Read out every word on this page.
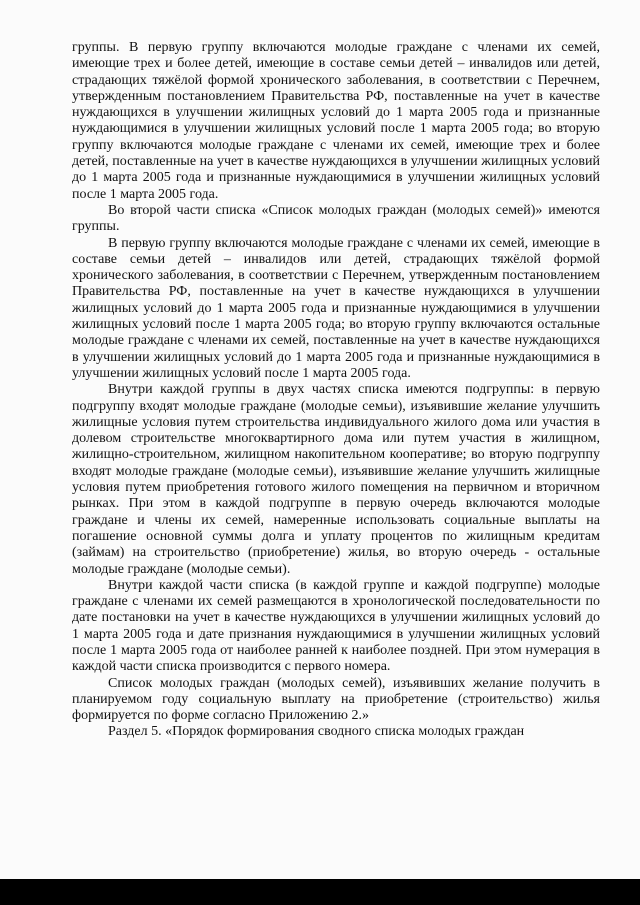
группы. В первую группу включаются молодые граждане с членами их семей, имеющие трех и более детей, имеющие в составе семьи детей – инвалидов или детей, страдающих тяжёлой формой хронического заболевания, в соответствии с Перечнем, утвержденным постановлением Правительства РФ, поставленные на учет в качестве нуждающихся в улучшении жилищных условий до 1 марта 2005 года и признанные нуждающимися в улучшении жилищных условий после 1 марта 2005 года; во вторую группу включаются молодые граждане с членами их семей, имеющие трех и более детей, поставленные на учет в качестве нуждающихся в улучшении жилищных условий до 1 марта 2005 года и признанные нуждающимися в улучшении жилищных условий после 1 марта 2005 года.

Во второй части списка «Список молодых граждан (молодых семей)» имеются группы.

В первую группу включаются молодые граждане с членами их семей, имеющие в составе семьи детей – инвалидов или детей, страдающих тяжёлой формой хронического заболевания, в соответствии с Перечнем, утвержденным постановлением Правительства РФ, поставленные на учет в качестве нуждающихся в улучшении жилищных условий до 1 марта 2005 года и признанные нуждающимися в улучшении жилищных условий после 1 марта 2005 года; во вторую группу включаются остальные молодые граждане с членами их семей, поставленные на учет в качестве нуждающихся в улучшении жилищных условий до 1 марта 2005 года и признанные нуждающимися в улучшении жилищных условий после 1 марта 2005 года.

Внутри каждой группы в двух частях списка имеются подгруппы: в первую подгруппу входят молодые граждане (молодые семьи), изъявившие желание улучшить жилищные условия путем строительства индивидуального жилого дома или участия в долевом строительстве многоквартирного дома или путем участия в жилищном, жилищно-строительном, жилищном накопительном кооперативе; во вторую подгруппу входят молодые граждане (молодые семьи), изъявившие желание улучшить жилищные условия путем приобретения готового жилого помещения на первичном и вторичном рынках. При этом в каждой подгруппе в первую очередь включаются молодые граждане и члены их семей, намеренные использовать социальные выплаты на погашение основной суммы долга и уплату процентов по жилищным кредитам (займам) на строительство (приобретение) жилья, во вторую очередь - остальные молодые граждане (молодые семьи).

Внутри каждой части списка (в каждой группе и каждой подгруппе) молодые граждане с членами их семей размещаются в хронологической последовательности по дате постановки на учет в качестве нуждающихся в улучшении жилищных условий до 1 марта 2005 года и дате признания нуждающимися в улучшении жилищных условий после 1 марта 2005 года от наиболее ранней к наиболее поздней. При этом нумерация в каждой части списка производится с первого номера.

Список молодых граждан (молодых семей), изъявивших желание получить в планируемом году социальную выплату на приобретение (строительство) жилья формируется по форме согласно Приложению 2.»

Раздел 5. «Порядок формирования сводного списка молодых граждан
